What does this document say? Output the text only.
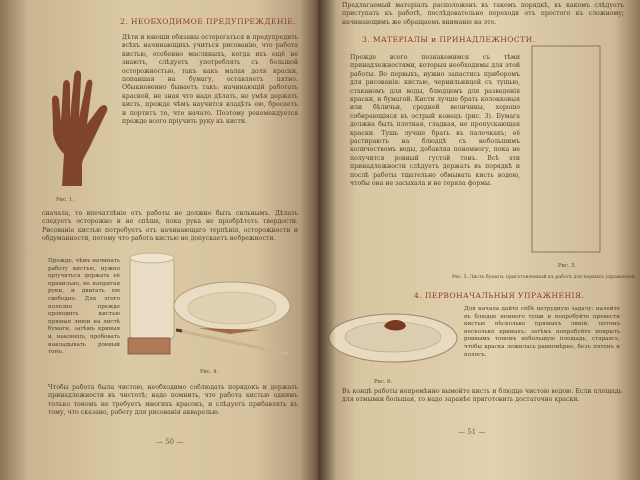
2. НЕОБХОДИМОЕ ПРЕДУПРЕЖДЕНІЕ.
Рис. 1.
Дѣти и юноши обязаны остерегаться и предупредить всѣхъ начинающихъ учиться рисованію, что работа кистью, особенно масляныхъ, когда ихъ ещё не знаютъ, слѣдуетъ употреблять съ большой осторожностью, такъ какъ малая доля краски, попавшая на бумагу, оставляетъ пятно. Обыкновенно бываетъ такъ: начинающій работать краской, не зная что надо дѣлать, не умѣя держать кисть, прежде чѣмъ научится владѣть ею, бросаетъ и портитъ то, что начато. Поэтому рекомендуется прежде всего пріучить руку къ кисти.
сначала, то впечатлѣніе отъ работы не должно быть сильнымъ. Дѣлать следуетъ осторожно и не спѣша, пока рука не пріобрѣтетъ твердости. Рисованіе кистью потребуетъ отъ начинающаго терпѣнія, осторожности и обдуманности, потому что работа кистью не допускаетъ небрежности.
Прежде, чѣмъ начинать работу кистью, нужно пріучиться держать её правильно, не напрягая руки, и двигать ею свободно. Для этого полезно прежде проводить кистью прямыя линіи на листѣ бумаги, затѣмъ кривыя и, наконецъ, пробовать накладывать ровный тонъ.
Рис. 4.
Чтобы работа была чистою, необходимо соблюдать порядокъ и держать принадлежности въ чистотѣ; надо помнить, что работа кистью однимъ только тономъ не требуетъ многихъ красокъ, и слѣдуетъ прибавлять къ тому, что сказано, работу для рисованія акварелью.
— 50 —
Предлагаемый матеріалъ расположенъ въ такомъ порядкѣ, въ какомъ слѣдуетъ приступать къ работѣ, послѣдовательно переходя отъ простого къ сложному; начинающимъ же обращаемъ вниманіе на это.
3. МАТЕРІАЛЫ и ПРИНАДЛЕЖНОСТИ.
Прежде всего познакомимся съ тѣми принадлежностями, которыя необходимы для этой работы. Во первыхъ, нужно запастись приборомъ для рисованія: кистью, чернильницей съ тушью, стаканомъ для воды, блюдцемъ для разведенія краски, и бумагой. Кисти лучше брать колонковыя или бѣличьи, средней величины, хорошо собирающіяся въ острый конецъ (рис. 3). Бумага должна быть плотная, гладкая, не пропускающая краски. Тушь лучше брать въ палочкахъ; её растираютъ на блюдцѣ съ небольшимъ количествомъ воды, добавляя понемногу, пока не получится ровный густой тонъ. Всѣ эти принадлежности слѣдуетъ держать въ порядкѣ и послѣ работы тщательно обмывать кисть водою, чтобы она не засыхала и не теряла формы.
Рис. 5.
Рис. 5. Листъ бумаги, приготовленный къ работѣ для первыхъ упражненій.
4. ПЕРВОНАЧАЛЬНЫЯ УПРАЖНЕНІЯ.
Для начала дайте себѣ нетрудную задачу: налейте въ блюдце немного туши и попробуйте провести кистью нѣсколько прямыхъ линій, потомъ несколько кривыхъ; затѣмъ попробуйте покрыть ровнымъ тономъ небольшую площадь, стараясь, чтобы краска ложилась равномѣрно, безъ пятенъ и полосъ.
Рис. 6.
Въ концѣ работы непремѣнно вымойте кисть и блюдце чистою водою. Если площадь для отмывки большая, то надо заранѣе приготовить достаточно краски.
— 51 —
